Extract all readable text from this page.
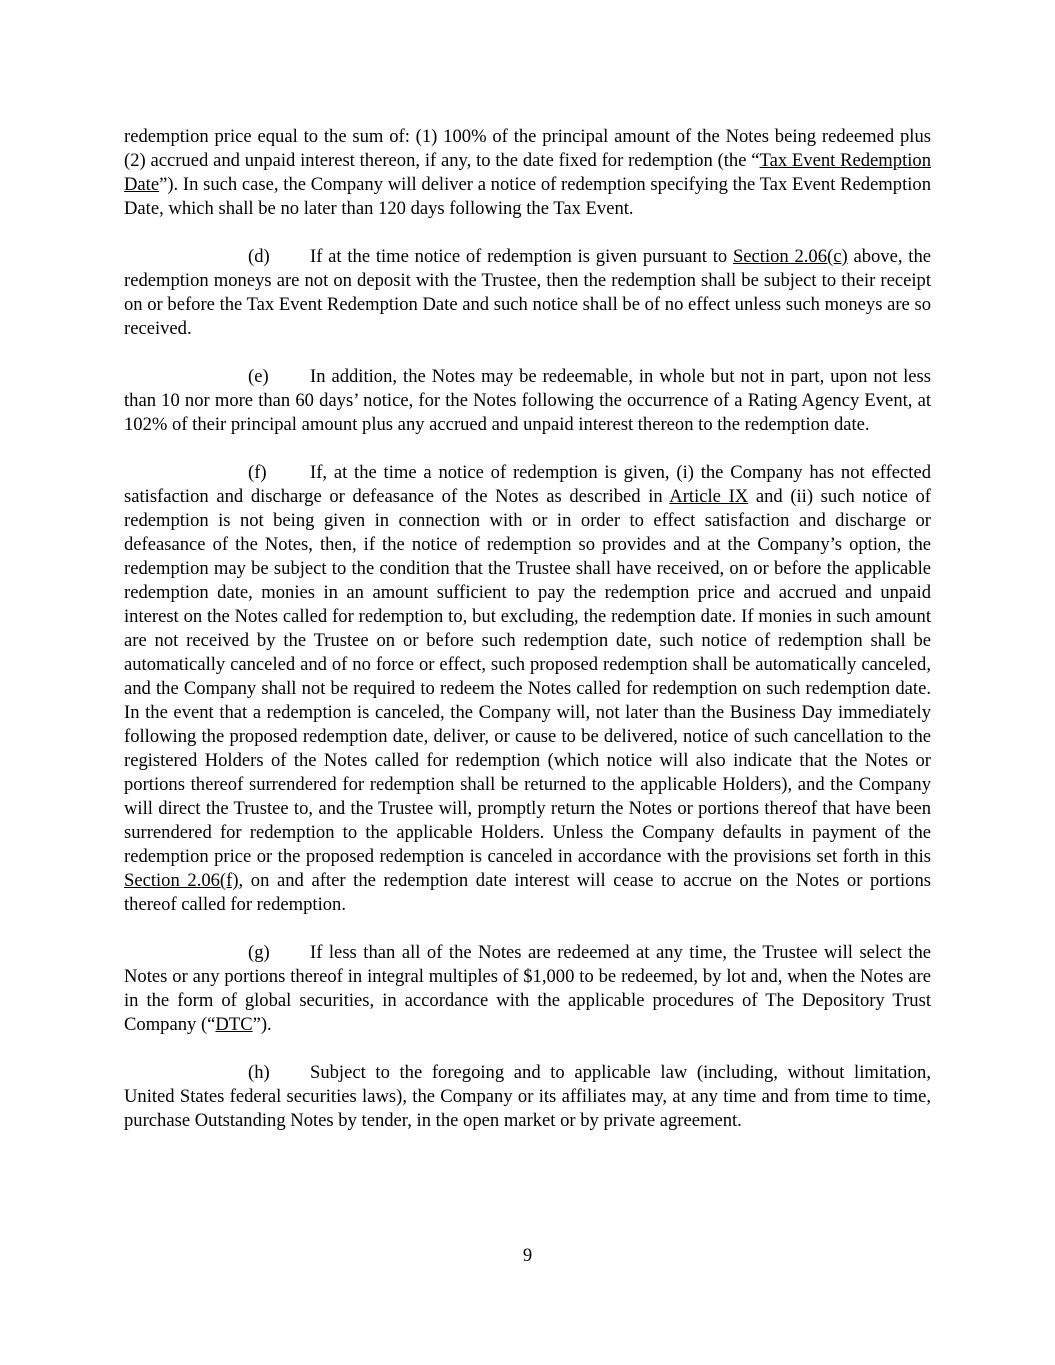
redemption price equal to the sum of: (1) 100% of the principal amount of the Notes being redeemed plus (2) accrued and unpaid interest thereon, if any, to the date fixed for redemption (the “Tax Event Redemption Date”). In such case, the Company will deliver a notice of redemption specifying the Tax Event Redemption Date, which shall be no later than 120 days following the Tax Event.

(d) If at the time notice of redemption is given pursuant to Section 2.06(c) above, the redemption moneys are not on deposit with the Trustee, then the redemption shall be subject to their receipt on or before the Tax Event Redemption Date and such notice shall be of no effect unless such moneys are so received.

(e) In addition, the Notes may be redeemable, in whole but not in part, upon not less than 10 nor more than 60 days’ notice, for the Notes following the occurrence of a Rating Agency Event, at 102% of their principal amount plus any accrued and unpaid interest thereon to the redemption date.

(f) If, at the time a notice of redemption is given, (i) the Company has not effected satisfaction and discharge or defeasance of the Notes as described in Article IX and (ii) such notice of redemption is not being given in connection with or in order to effect satisfaction and discharge or defeasance of the Notes, then, if the notice of redemption so provides and at the Company’s option, the redemption may be subject to the condition that the Trustee shall have received, on or before the applicable redemption date, monies in an amount sufficient to pay the redemption price and accrued and unpaid interest on the Notes called for redemption to, but excluding, the redemption date. If monies in such amount are not received by the Trustee on or before such redemption date, such notice of redemption shall be automatically canceled and of no force or effect, such proposed redemption shall be automatically canceled, and the Company shall not be required to redeem the Notes called for redemption on such redemption date. In the event that a redemption is canceled, the Company will, not later than the Business Day immediately following the proposed redemption date, deliver, or cause to be delivered, notice of such cancellation to the registered Holders of the Notes called for redemption (which notice will also indicate that the Notes or portions thereof surrendered for redemption shall be returned to the applicable Holders), and the Company will direct the Trustee to, and the Trustee will, promptly return the Notes or portions thereof that have been surrendered for redemption to the applicable Holders. Unless the Company defaults in payment of the redemption price or the proposed redemption is canceled in accordance with the provisions set forth in this Section 2.06(f), on and after the redemption date interest will cease to accrue on the Notes or portions thereof called for redemption.

(g) If less than all of the Notes are redeemed at any time, the Trustee will select the Notes or any portions thereof in integral multiples of $1,000 to be redeemed, by lot and, when the Notes are in the form of global securities, in accordance with the applicable procedures of The Depository Trust Company (“DTC”).

(h) Subject to the foregoing and to applicable law (including, without limitation, United States federal securities laws), the Company or its affiliates may, at any time and from time to time, purchase Outstanding Notes by tender, in the open market or by private agreement.

9
